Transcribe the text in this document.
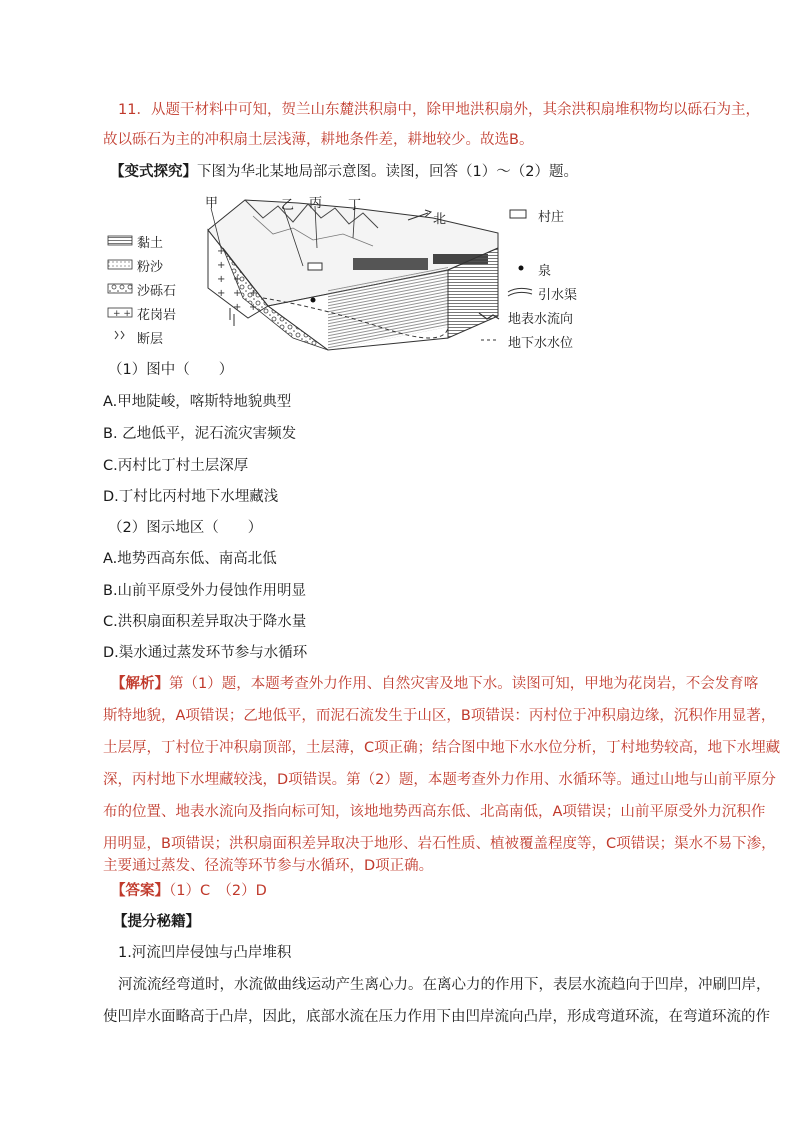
11．从题干材料中可知，贺兰山东麓洪积扇中，除甲地洪积扇外，其余洪积扇堆积物均以砾石为主，
故以砾石为主的冲积扇土层浅薄，耕地条件差，耕地较少。故选B。
【变式探究】下图为华北某地局部示意图。读图，回答（1）～（2）题。
+ +
甲	乙 丙 丁
北
黏土
粉沙
沙砾石
花岗岩
断层
村庄
泉
引水渠
地表水流向
地下水水位
（1）图中（　　）
A.甲地陡峻，喀斯特地貌典型
B. 乙地低平，泥石流灾害频发
C.丙村比丁村土层深厚
D.丁村比丙村地下水埋藏浅
（2）图示地区（　　）
A.地势西高东低、南高北低
B.山前平原受外力侵蚀作用明显
C.洪积扇面积差异取决于降水量
D.渠水通过蒸发环节参与水循环
【解析】第（1）题，本题考查外力作用、自然灾害及地下水。读图可知，甲地为花岗岩，不会发育喀
斯特地貌，A项错误；乙地低平，而泥石流发生于山区，B项错误：丙村位于冲积扇边缘，沉积作用显著，
土层厚，丁村位于冲积扇顶部，土层薄，C项正确；结合图中地下水水位分析，丁村地势较高，地下水埋藏
深，丙村地下水埋藏较浅，D项错误。第（2）题，本题考查外力作用、水循环等。通过山地与山前平原分
布的位置、地表水流向及指向标可知，该地地势西高东低、北高南低，A项错误；山前平原受外力沉积作
用明显，B项错误；洪积扇面积差异取决于地形、岩石性质、植被覆盖程度等，C项错误；渠水不易下渗，
主要通过蒸发、径流等环节参与水循环，D项正确。
【答案】（1）C　（2）D
【提分秘籍】
1.河流凹岸侵蚀与凸岸堆积
河流流经弯道时，水流做曲线运动产生离心力。在离心力的作用下，表层水流趋向于凹岸，冲刷凹岸，
使凹岸水面略高于凸岸，因此，底部水流在压力作用下由凹岸流向凸岸，形成弯道环流，在弯道环流的作
